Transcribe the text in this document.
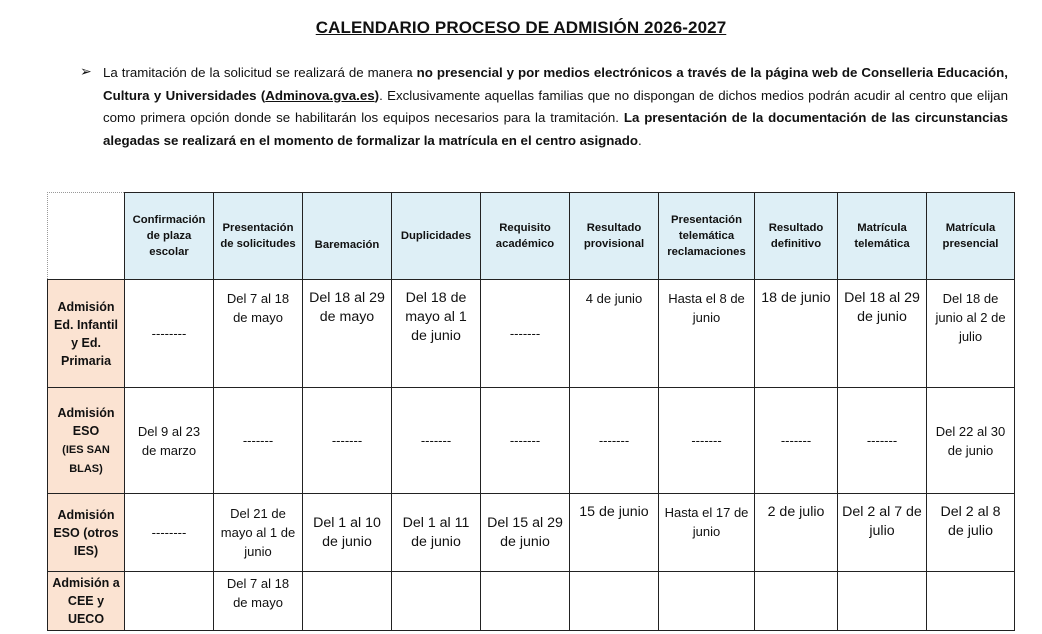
CALENDARIO PROCESO DE ADMISIÓN 2026-2027
➢ La tramitación de la solicitud se realizará de manera no presencial y por medios electrónicos a través de la página web de Conselleria Educación, Cultura y Universidades (Adminova.gva.es). Exclusivamente aquellas familias que no dispongan de dichos medios podrán acudir al centro que elijan como primera opción donde se habilitarán los equipos necesarios para la tramitación. La presentación de la documentación de las circunstancias alegadas se realizará en el momento de formalizar la matrícula en el centro asignado.
	Confirmación de plaza escolar	Presentación de solicitudes	Baremación	Duplicidades	Requisito académico	Resultado provisional	Presentación telemática reclamaciones	Resultado definitivo	Matrícula telemática	Matrícula presencial
Admisión Ed. Infantil y Ed. Primaria	--------	Del 7 al 18 de mayo	Del 18 al 29 de mayo	Del 18 de mayo al 1 de junio	-------	4 de junio	Hasta el 8 de junio	18 de junio	Del 18 al 29 de junio	Del 18 de junio al 2 de julio
Admisión ESO
(IES SAN BLAS)	Del 9 al 23 de marzo	-------	-------	-------	-------	-------	-------	-------	-------	Del 22 al 30 de junio
Admisión ESO (otros IES)	--------	Del 21 de mayo al 1 de junio	Del 1 al 10 de junio	Del 1 al 11 de junio	Del 15 al 29 de junio	15 de junio	Hasta el 17 de junio	2 de julio	Del 2 al 7 de julio	Del 2 al 8 de julio
Admisión a CEE y UECO		Del 7 al 18 de mayo								
